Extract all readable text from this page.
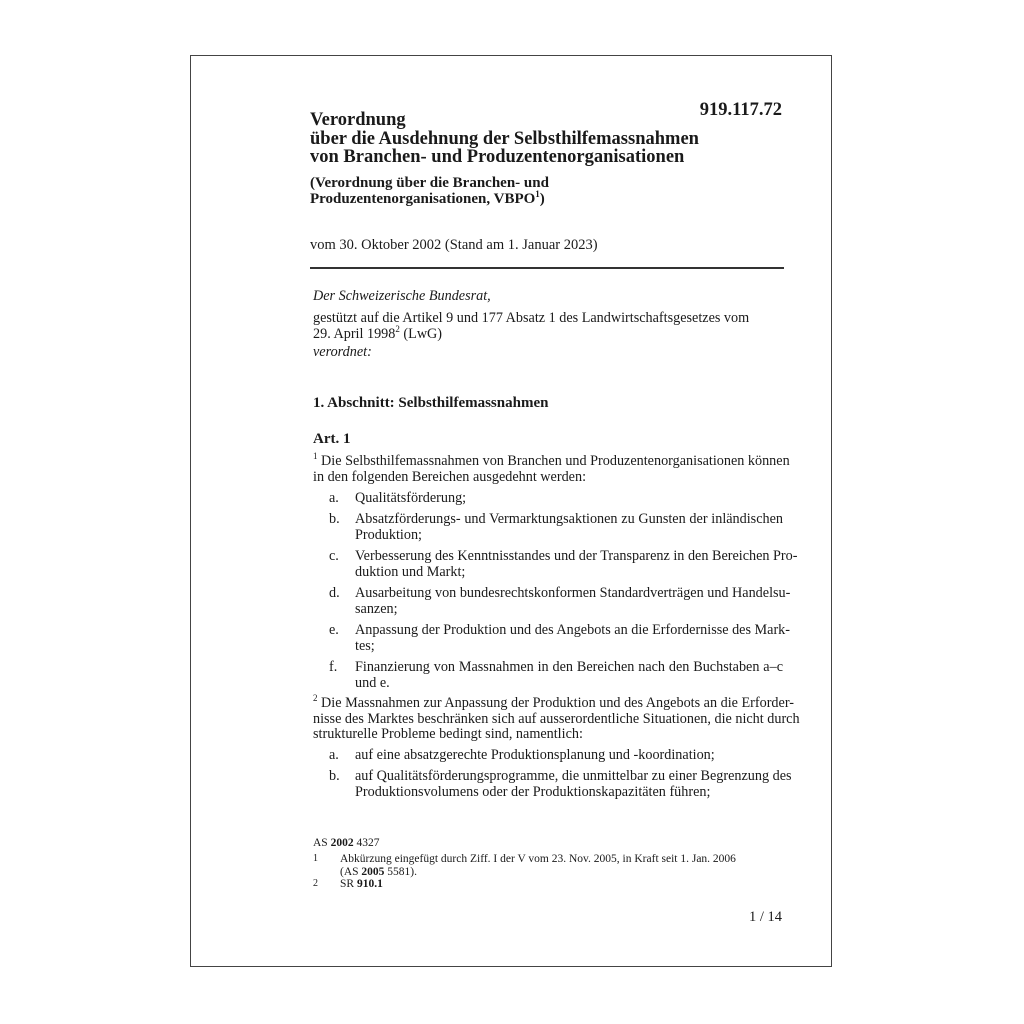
919.117.72
Verordnung
über die Ausdehnung der Selbsthilfemassnahmen
von Branchen- und Produzentenorganisationen
(Verordnung über die Branchen- und
Produzentenorganisationen, VBPO$^1$)
vom 30. Oktober 2002 (Stand am 1. Januar 2023)
Der Schweizerische Bundesrat,
gestützt auf die Artikel 9 und 177 Absatz 1 des Landwirtschaftsgesetzes vom
29. April 1998$^2$ (LwG)
verordnet:
1. Abschnitt: Selbsthilfemassnahmen
Art. 1
$^1$ Die Selbsthilfemassnahmen von Branchen und Produzentenorganisationen können
in den folgenden Bereichen ausgedehnt werden:
a. Qualitätsförderung;
b. Absatzförderungs- und Vermarktungsaktionen zu Gunsten der inländischen
Produktion;
c. Verbesserung des Kenntnisstandes und der Transparenz in den Bereichen Pro-
duktion und Markt;
d. Ausarbeitung von bundesrechtskonformen Standardverträgen und Handelsu-
sanzen;
e. Anpassung der Produktion und des Angebots an die Erfordernisse des Mark-
tes;
f. Finanzierung von Massnahmen in den Bereichen nach den Buchstaben a–c
und e.
$^2$ Die Massnahmen zur Anpassung der Produktion und des Angebots an die Erforder-
nisse des Marktes beschränken sich auf ausserordentliche Situationen, die nicht durch
strukturelle Probleme bedingt sind, namentlich:
a. auf eine absatzgerechte Produktionsplanung und -koordination;
b. auf Qualitätsförderungsprogramme, die unmittelbar zu einer Begrenzung des
Produktionsvolumens oder der Produktionskapazitäten führen;
AS 2002 4327
1 Abkürzung eingefügt durch Ziff. I der V vom 23. Nov. 2005, in Kraft seit 1. Jan. 2006
(AS 2005 5581).
2 SR 910.1
1 / 14
